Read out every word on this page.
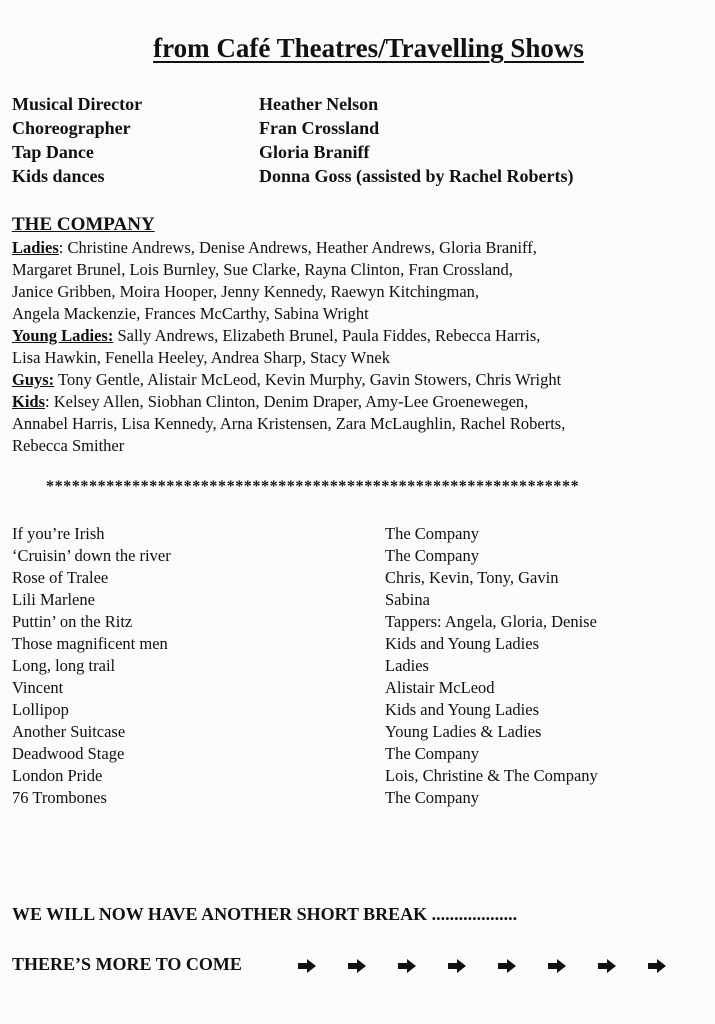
from Café Theatres/Travelling Shows
Musical Director	Heather Nelson
Choreographer	Fran Crossland
Tap Dance	Gloria Braniff
Kids dances	Donna Goss (assisted by Rachel Roberts)
THE COMPANY
Ladies: Christine Andrews, Denise Andrews, Heather Andrews, Gloria Braniff,
Margaret Brunel, Lois Burnley, Sue Clarke, Rayna Clinton, Fran Crossland,
Janice Gribben, Moira Hooper, Jenny Kennedy, Raewyn Kitchingman,
Angela Mackenzie, Frances McCarthy, Sabina Wright
Young Ladies: Sally Andrews, Elizabeth Brunel, Paula Fiddes, Rebecca Harris,
Lisa Hawkin, Fenella Heeley, Andrea Sharp, Stacy Wnek
Guys: Tony Gentle, Alistair McLeod, Kevin Murphy, Gavin Stowers, Chris Wright
Kids: Kelsey Allen, Siobhan Clinton, Denim Draper, Amy-Lee Groenewegen,
Annabel Harris, Lisa Kennedy, Arna Kristensen, Zara McLaughlin, Rachel Roberts,
Rebecca Smither
**************************************************************
If you’re Irish	The Company
‘Cruisin’ down the river	The Company
Rose of Tralee	Chris, Kevin, Tony, Gavin
Lili Marlene	Sabina
Puttin’ on the Ritz	Tappers: Angela, Gloria, Denise
Those magnificent men	Kids and Young Ladies
Long, long trail	Ladies
Vincent	Alistair McLeod
Lollipop	Kids and Young Ladies
Another Suitcase	Young Ladies & Ladies
Deadwood Stage	The Company
London Pride	Lois, Christine & The Company
76 Trombones	The Company
WE WILL NOW HAVE ANOTHER SHORT BREAK ...................
THERE’S MORE TO COME
